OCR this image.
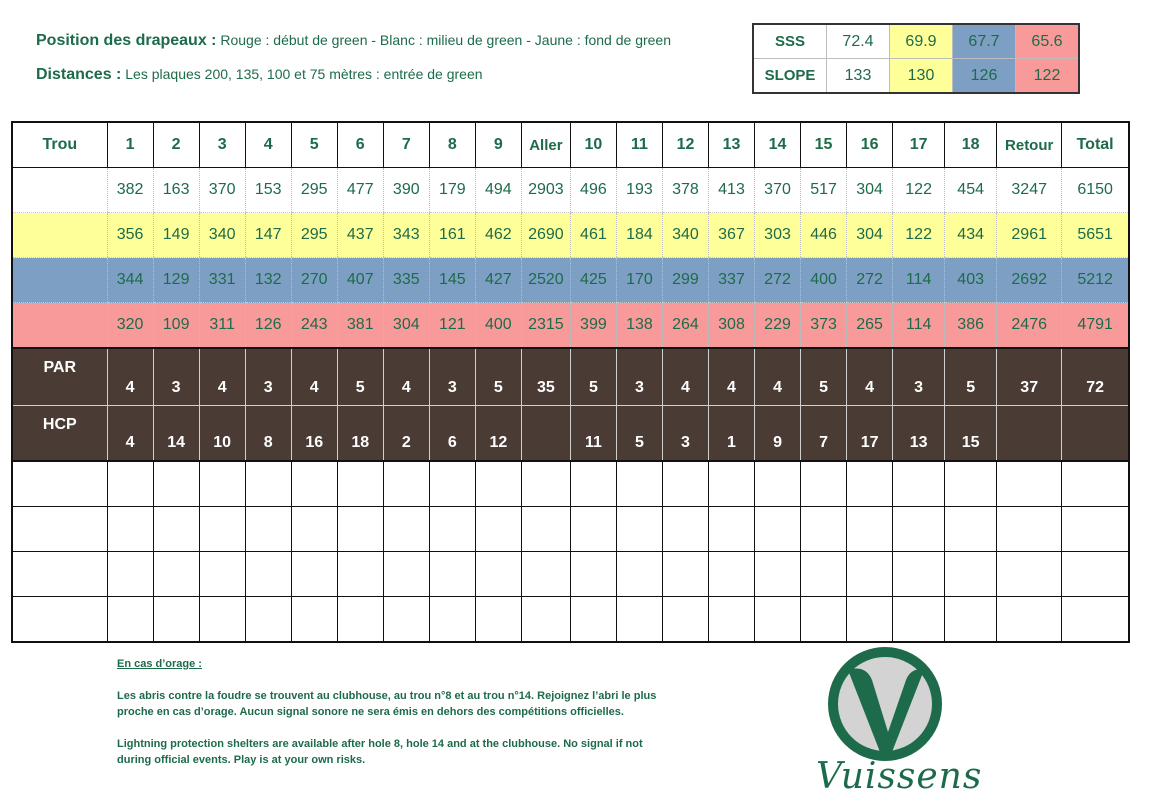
Position des drapeaux : Rouge : début de green - Blanc : milieu de green - Jaune : fond de green
Distances : Les plaques 200, 135, 100 et 75 mètres : entrée de green
SSS	72.4	69.9	67.7	65.6
SLOPE	133	130	126	122
Trou	1	2	3	4	5	6	7	8	9	Aller	10	11	12	13	14	15	16	17	18	Retour	Total
	382	163	370	153	295	477	390	179	494	2903	496	193	378	413	370	517	304	122	454	3247	6150
	356	149	340	147	295	437	343	161	462	2690	461	184	340	367	303	446	304	122	434	2961	5651
	344	129	331	132	270	407	335	145	427	2520	425	170	299	337	272	400	272	114	403	2692	5212
	320	109	311	126	243	381	304	121	400	2315	399	138	264	308	229	373	265	114	386	2476	4791
PAR	4	3	4	3	4	5	4	3	5	35	5	3	4	4	4	5	4	3	5	37	72
HCP	4	14	10	8	16	18	2	6	12		11	5	3	1	9	7	17	13	15		

En cas d’orage :

Les abris contre la foudre se trouvent au clubhouse, au trou n°8 et au trou n°14. Rejoignez l’abri le plus proche en cas d’orage. Aucun signal sonore ne sera émis en dehors des compétitions officielles.

Lightning protection shelters are available after hole 8, hole 14 and at the clubhouse. No signal if not during official events. Play is at your own risks.	Vuissens
